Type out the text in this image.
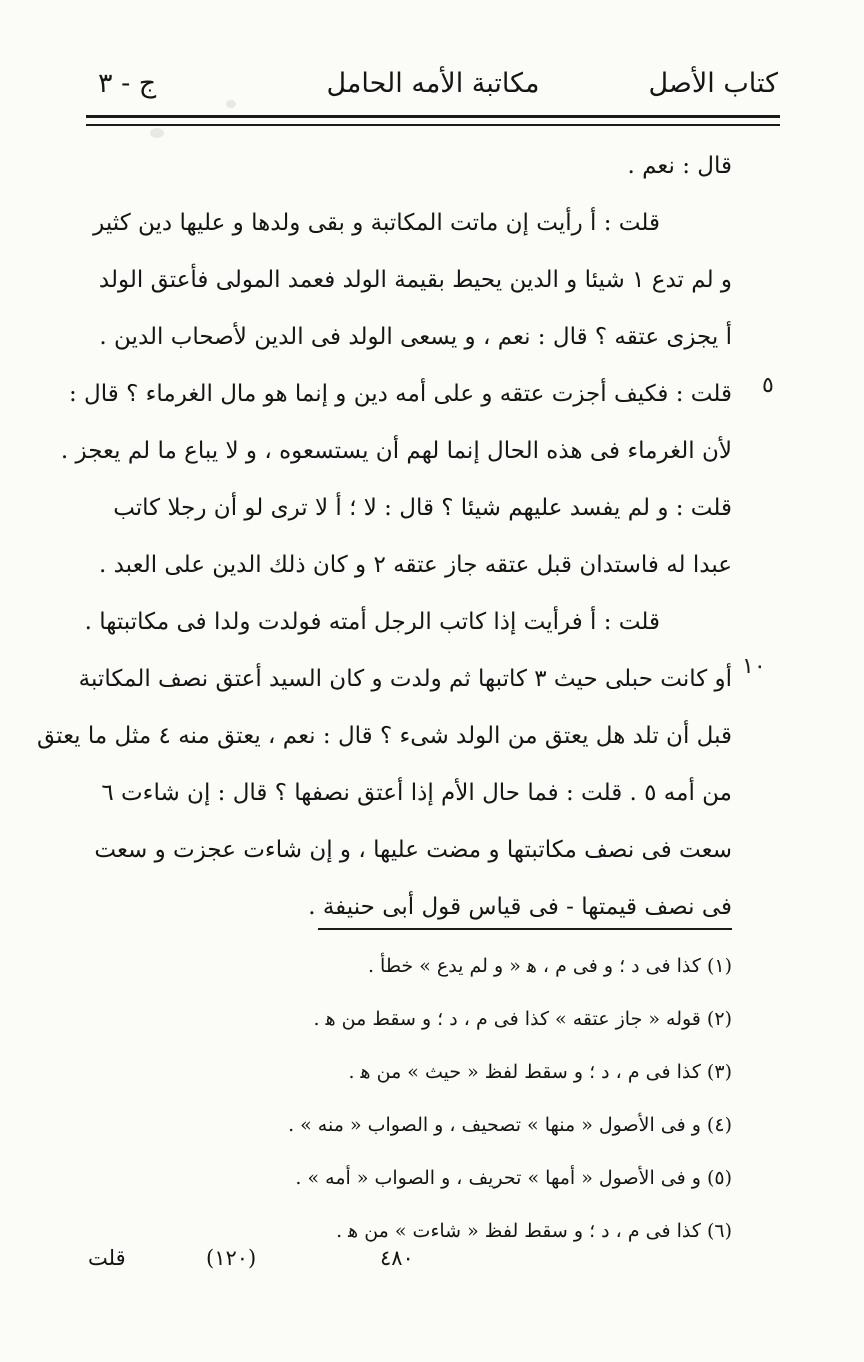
كتاب الأصل
مكاتبة الأمه الحامل
ج - ٣
٥
١٠
قال : نعم .
قلت : أ رأيت إن ماتت المكاتبة و بقى ولدها و عليها دين كثير
و لم تدع ١ شيئا و الدين يحيط بقيمة الولد فعمد المولى فأعتق الولد
أ يجزى عتقه ؟ قال : نعم ، و يسعى الولد فى الدين لأصحاب الدين .
قلت : فكيف أجزت عتقه و على أمه دين و إنما هو مال الغرماء ؟ قال :
لأن الغرماء فى هذه الحال إنما لهم أن يستسعوه ، و لا يباع ما لم يعجز .
قلت : و لم يفسد عليهم شيئا ؟ قال : لا ؛ أ لا ترى لو أن رجلا كاتب
عبدا له فاستدان قبل عتقه جاز عتقه ٢ و كان ذلك الدين على العبد .
قلت : أ فرأيت إذا كاتب الرجل أمته فولدت ولدا فى مكاتبتها .
أو كانت حبلى حيث ٣ كاتبها ثم ولدت و كان السيد أعتق نصف المكاتبة
قبل أن تلد هل يعتق من الولد شىء ؟ قال : نعم ، يعتق منه ٤ مثل ما يعتق
من أمه ٥ . قلت : فما حال الأم إذا أعتق نصفها ؟ قال : إن شاءت ٦
سعت فى نصف مكاتبتها و مضت عليها ، و إن شاءت عجزت و سعت
فى نصف قيمتها - فى قياس قول أبى حنيفة .
(١) كذا فى د ؛ و فى م ، ﻫ « و لم يدع » خطأ .
(٢) قوله « جاز عتقه » كذا فى م ، د ؛ و سقط من ﻫ .
(٣) كذا فى م ، د ؛ و سقط لفظ « حيث » من ﻫ .
(٤) و فى الأصول « منها » تصحيف ، و الصواب « منه » .
(٥) و فى الأصول « أمها » تحريف ، و الصواب « أمه » .
(٦) كذا فى م ، د ؛ و سقط لفظ « شاءت » من ﻫ .
قلت	(١٢٠)	٤٨٠
